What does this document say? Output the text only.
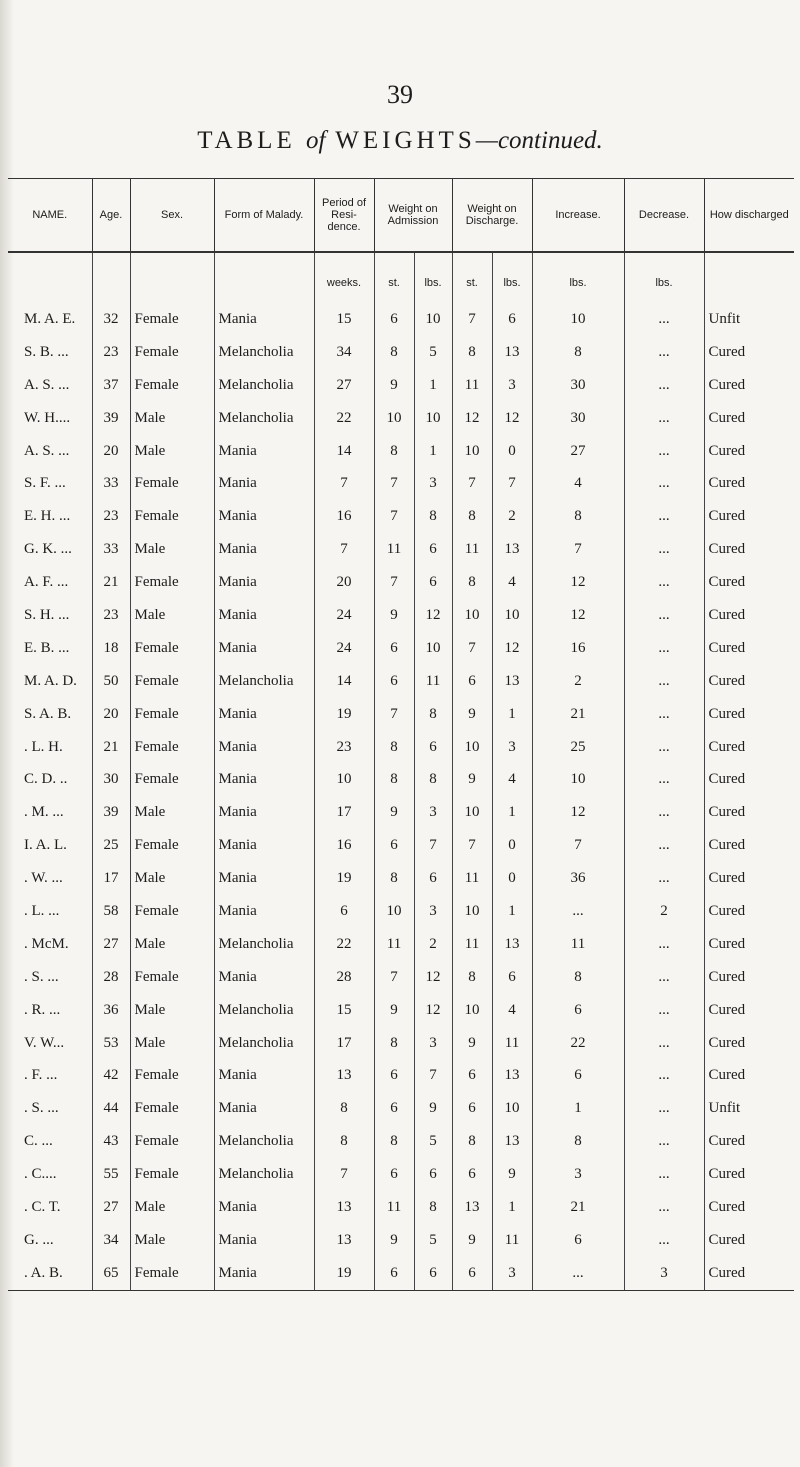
39
TABLE of WEIGHTS—continued.
NAME.	Age.	Sex.	Form of Malady.	Period of Resi- dence.	Weight on Admission		Weight on Discharge.		Increase.	Decrease.	How discharged
				weeks.	st.	lbs.	st.	lbs.	lbs.	lbs.	
M. A. E.	32	Female	Mania	15	6	10	7	6	10	...	Unfit
S. B. ...	23	Female	Melancholia	34	8	5	8	13	8	...	Cured
A. S. ...	37	Female	Melancholia	27	9	1	11	3	30	...	Cured
W. H....	39	Male	Melancholia	22	10	10	12	12	30	...	Cured
A. S. ...	20	Male	Mania	14	8	1	10	0	27	...	Cured
S. F. ...	33	Female	Mania	7	7	3	7	7	4	...	Cured
E. H. ...	23	Female	Mania	16	7	8	8	2	8	...	Cured
G. K. ...	33	Male	Mania	7	11	6	11	13	7	...	Cured
A. F. ...	21	Female	Mania	20	7	6	8	4	12	...	Cured
S. H. ...	23	Male	Mania	24	9	12	10	10	12	...	Cured
E. B. ...	18	Female	Mania	24	6	10	7	12	16	...	Cured
M. A. D.	50	Female	Melancholia	14	6	11	6	13	2	...	Cured
S. A. B.	20	Female	Mania	19	7	8	9	1	21	...	Cured
. L. H.	21	Female	Mania	23	8	6	10	3	25	...	Cured
C. D. ..	30	Female	Mania	10	8	8	9	4	10	...	Cured
. M. ...	39	Male	Mania	17	9	3	10	1	12	...	Cured
I. A. L.	25	Female	Mania	16	6	7	7	0	7	...	Cured
. W. ...	17	Male	Mania	19	8	6	11	0	36	...	Cured
. L. ...	58	Female	Mania	6	10	3	10	1	...	2	Cured
. McM.	27	Male	Melancholia	22	11	2	11	13	11	...	Cured
. S. ...	28	Female	Mania	28	7	12	8	6	8	...	Cured
. R. ...	36	Male	Melancholia	15	9	12	10	4	6	...	Cured
V. W...	53	Male	Melancholia	17	8	3	9	11	22	...	Cured
. F. ...	42	Female	Mania	13	6	7	6	13	6	...	Cured
. S. ...	44	Female	Mania	8	6	9	6	10	1	...	Unfit
C. ...	43	Female	Melancholia	8	8	5	8	13	8	...	Cured
. C....	55	Female	Melancholia	7	6	6	6	9	3	...	Cured
. C. T.	27	Male	Mania	13	11	8	13	1	21	...	Cured
G. ...	34	Male	Mania	13	9	5	9	11	6	...	Cured
. A. B.	65	Female	Mania	19	6	6	6	3	...	3	Cured
